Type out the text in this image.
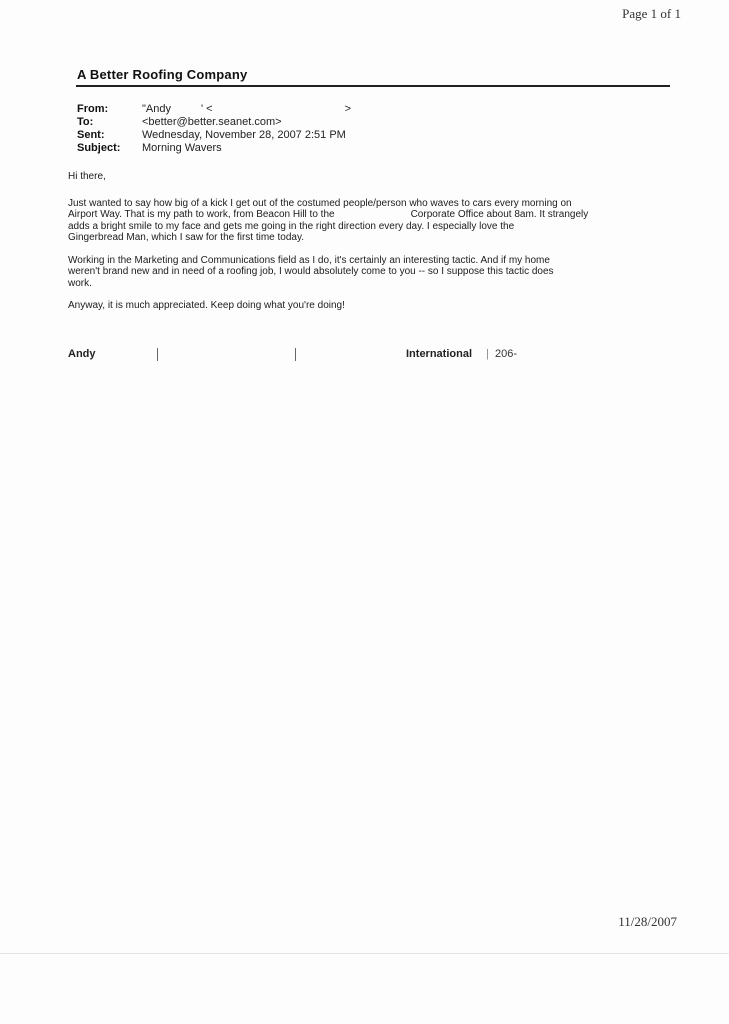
Page 1 of 1
A Better Roofing Company
From:	"Andy	' <	>
To:	<better@better.seanet.com>
Sent:	Wednesday, November 28, 2007 2:51 PM
Subject:	Morning Wavers

Hi there,

Just wanted to say how big of a kick I get out of the costumed people/person who waves to cars every morning on

Airport Way. That is my path to work, from Beacon Hill to the	Corporate Office about 8am. It strangely

adds a bright smile to my face and gets me going in the right direction every day. I especially love the

Gingerbread Man, which I saw for the first time today.

Working in the Marketing and Communications field as I do, it's certainly an interesting tactic. And if my home

weren't brand new and in need of a roofing job, I would absolutely come to you -- so I suppose this tactic does

work.

Anyway, it is much appreciated. Keep doing what you're doing!

Andy	International | 206-
11/28/2007
